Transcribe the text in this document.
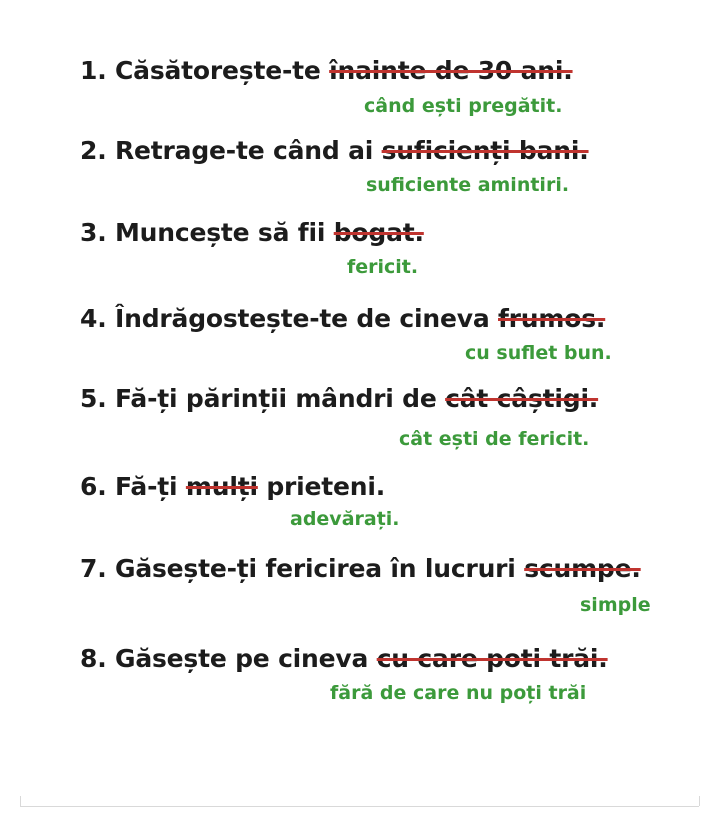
1. Căsătorește-te înainte de 30 ani.
când ești pregătit.
2. Retrage-te când ai suficienți bani.
suficiente amintiri.
3. Muncește să fii bogat.
fericit.
4. Îndrăgostește-te de cineva frumos.
cu suflet bun.
5. Fă-ți părinții mândri de cât câștigi.
cât ești de fericit.
6. Fă-ți mulți prieteni.
adevărați.
7. Găsește-ți fericirea în lucruri scumpe.
simple
8. Găsește pe cineva cu care poti trăi.
fără de care nu poți trăi
